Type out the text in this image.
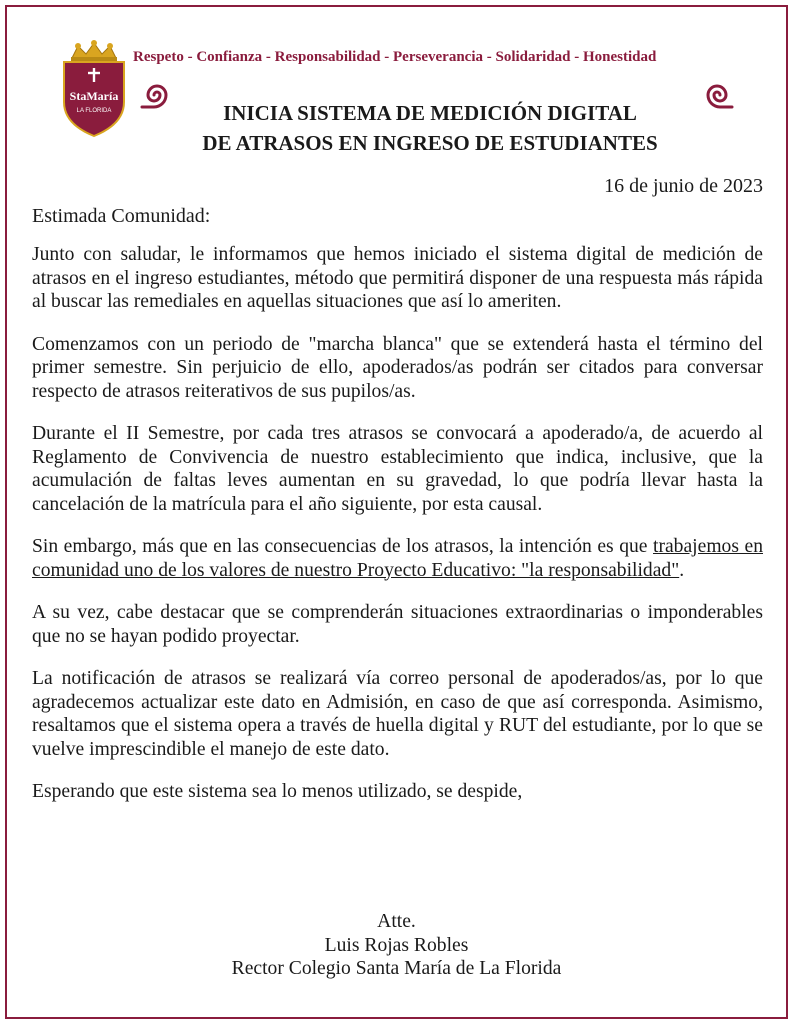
StaMaría
LA FLORIDA
Respeto - Confianza - Responsabilidad - Perseverancia - Solidaridad - Honestidad
INICIA SISTEMA DE MEDICIÓN DIGITAL
DE ATRASOS EN INGRESO DE ESTUDIANTES
16 de junio de 2023
Estimada Comunidad:

Junto con saludar, le informamos que hemos iniciado el sistema digital de medición de atrasos en el ingreso estudiantes, método que permitirá disponer de una respuesta más rápida al buscar las remediales en aquellas situaciones que así lo ameriten.

Comenzamos con un periodo de "marcha blanca" que se extenderá hasta el término del primer semestre. Sin perjuicio de ello, apoderados/as podrán ser citados para conversar respecto de atrasos reiterativos de sus pupilos/as.

Durante el II Semestre, por cada tres atrasos se convocará a apoderado/a, de acuerdo al Reglamento de Convivencia de nuestro establecimiento que indica, inclusive, que la acumulación de faltas leves aumentan en su gravedad, lo que podría llevar hasta la cancelación de la matrícula para el año siguiente, por esta causal.

Sin embargo, más que en las consecuencias de los atrasos, la intención es que trabajemos en comunidad uno de los valores de nuestro Proyecto Educativo: "la responsabilidad".

A su vez, cabe destacar que se comprenderán situaciones extraordinarias o imponderables que no se hayan podido proyectar.

La notificación de atrasos se realizará vía correo personal de apoderados/as, por lo que agradecemos actualizar este dato en Admisión, en caso de que así corresponda. Asimismo, resaltamos que el sistema opera a través de huella digital y RUT del estudiante, por lo que se vuelve imprescindible el manejo de este dato.

Esperando que este sistema sea lo menos utilizado, se despide,

Atte.
Luis Rojas Robles
Rector Colegio Santa María de La Florida
